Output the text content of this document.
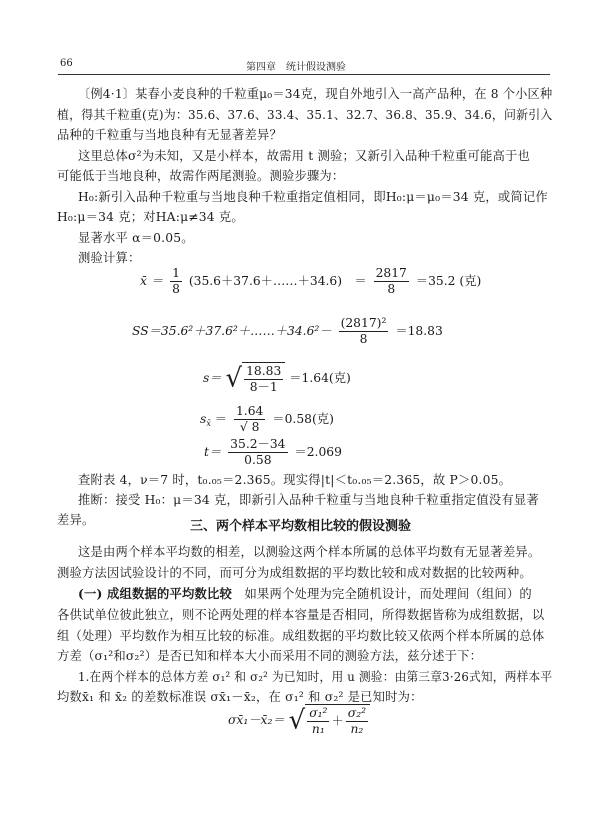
66	第四章　统计假设测验
〔例4·1〕某春小麦良种的千粒重μ₀＝34克，现自外地引入一高产品种，在 8 个小区种
植，得其千粒重(克)为：35.6、37.6、33.4、35.1、32.7、36.8、35.9、34.6，问新引入
品种的千粒重与当地良种有无显著差异？
这里总体σ²为未知，又是小样本，故需用 t 测验；又新引入品种千粒重可能高于也
可能低于当地良种，故需作两尾测验。测验步骤为：
H₀:新引入品种千粒重与当地良种千粒重指定值相同，即H₀:μ＝μ₀＝34 克，或简记作
H₀:μ＝34 克；对HA:μ≠34 克。
显著水平 α＝0.05。
测验计算：
x̄ ＝ $\frac{1}{8}$ (35.6＋37.6＋……＋34.6)　＝ $\frac{2817}{8} =35.2$ (克)
SS＝35.6²＋37.6²＋……＋34.6²－ $\frac{\text{(2817)²}}{8} =18.83$
s＝ √ $\frac{18.83}{8-1} =1.64$(克)
$s_{x̄} = \frac{1.64}{√ 8} =0.58$(克)
$t= \frac{35.2-34}{0.58} =2.069$
查附表 4，ν＝7 时，t₀.₀₅＝2.365。现实得|t|＜t₀.₀₅＝2.365，故 P＞0.05。
推断：接受 H₀：μ＝34 克，即新引入品种千粒重与当地良种千粒重指定值没有显著
差异。	三、两个样本平均数相比较的假设测验
这是由两个样本平均数的相差，以测验这两个样本所属的总体平均数有无显著差异。
测验方法因试验设计的不同，而可分为成组数据的平均数比较和成对数据的比较两种。
(一) 成组数据的平均数比较　 如果两个处理为完全随机设计，而处理间（组间）的
各供试单位彼此独立，则不论两处理的样本容量是否相同，所得数据皆称为成组数据，以
组（处理）平均数作为相互比较的标准。成组数据的平均数比较又依两个样本所属的总体
方差（σ₁²和σ₂²）是否已知和样本大小而采用不同的测验方法，兹分述于下：
1.在两个样本的总体方差 σ₁² 和 σ₂² 为已知时，用 u 测验：由第三章3·26式知，两样本平
均数x̄₁ 和 x̄₂ 的差数标准误 σx̄₁－x̄₂，在 σ₁² 和 σ₂² 是已知时为：
σx̄₁－x̄₂＝ √ $\frac{\text{σ₁²}}{\text{n₁}} + \frac{\text{σ₂²}}{\text{n₂}}$
